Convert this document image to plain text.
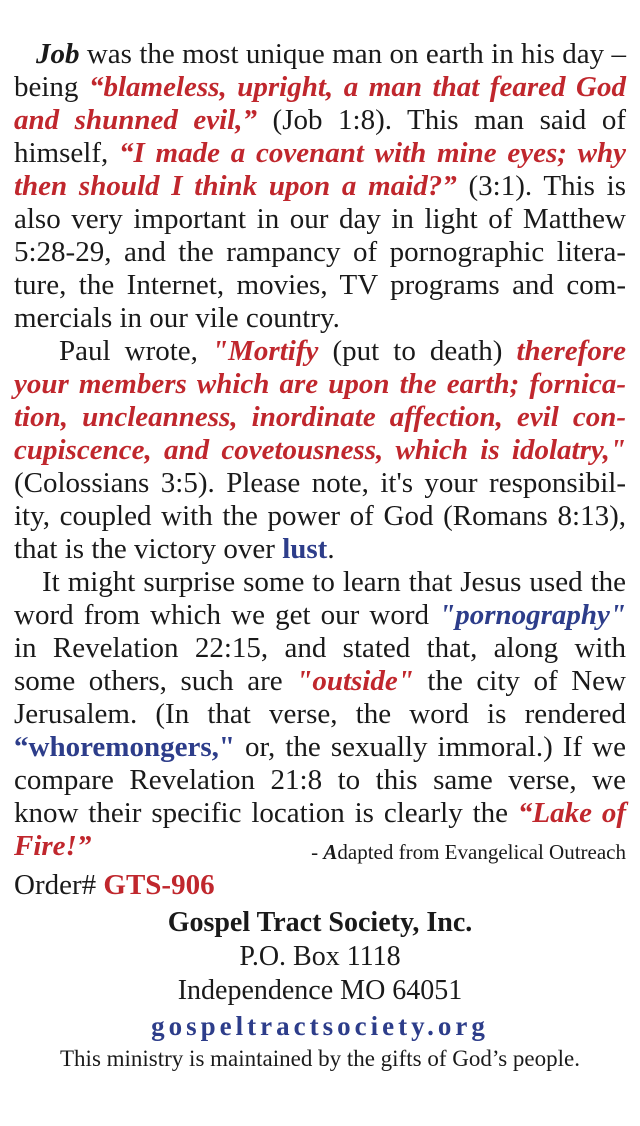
Job was the most unique man on earth in his day – being “blameless, upright, a man that feared God and shunned evil,” (Job 1:8). This man said of himself, “I made a covenant with mine eyes; why then should I think upon a maid?” (3:1). This is also very important in our day in light of Matthew 5:28-29, and the rampancy of pornographic literature, the Internet, movies, TV programs and commercials in our vile country.

Paul wrote, "Mortify (put to death) therefore your members which are upon the earth; fornication, uncleanness, inordinate affection, evil concupiscence, and covetousness, which is idolatry," (Colossians 3:5). Please note, it's your responsibility, coupled with the power of God (Romans 8:13), that is the victory over lust.

It might surprise some to learn that Jesus used the word from which we get our word "pornography" in Revelation 22:15, and stated that, along with some others, such are "outside" the city of New Jerusalem. (In that verse, the word is rendered “whoremongers," or, the sexually immoral.) If we compare Revelation 21:8 to this same verse, we know their specific location is clearly the “Lake of Fire!”	- Adapted from Evangelical Outreach

Order# GTS-906
Gospel Tract Society, Inc.
P.O. Box 1118
Independence MO 64051
gospeltractsociety.org
This ministry is maintained by the gifts of God’s people.
